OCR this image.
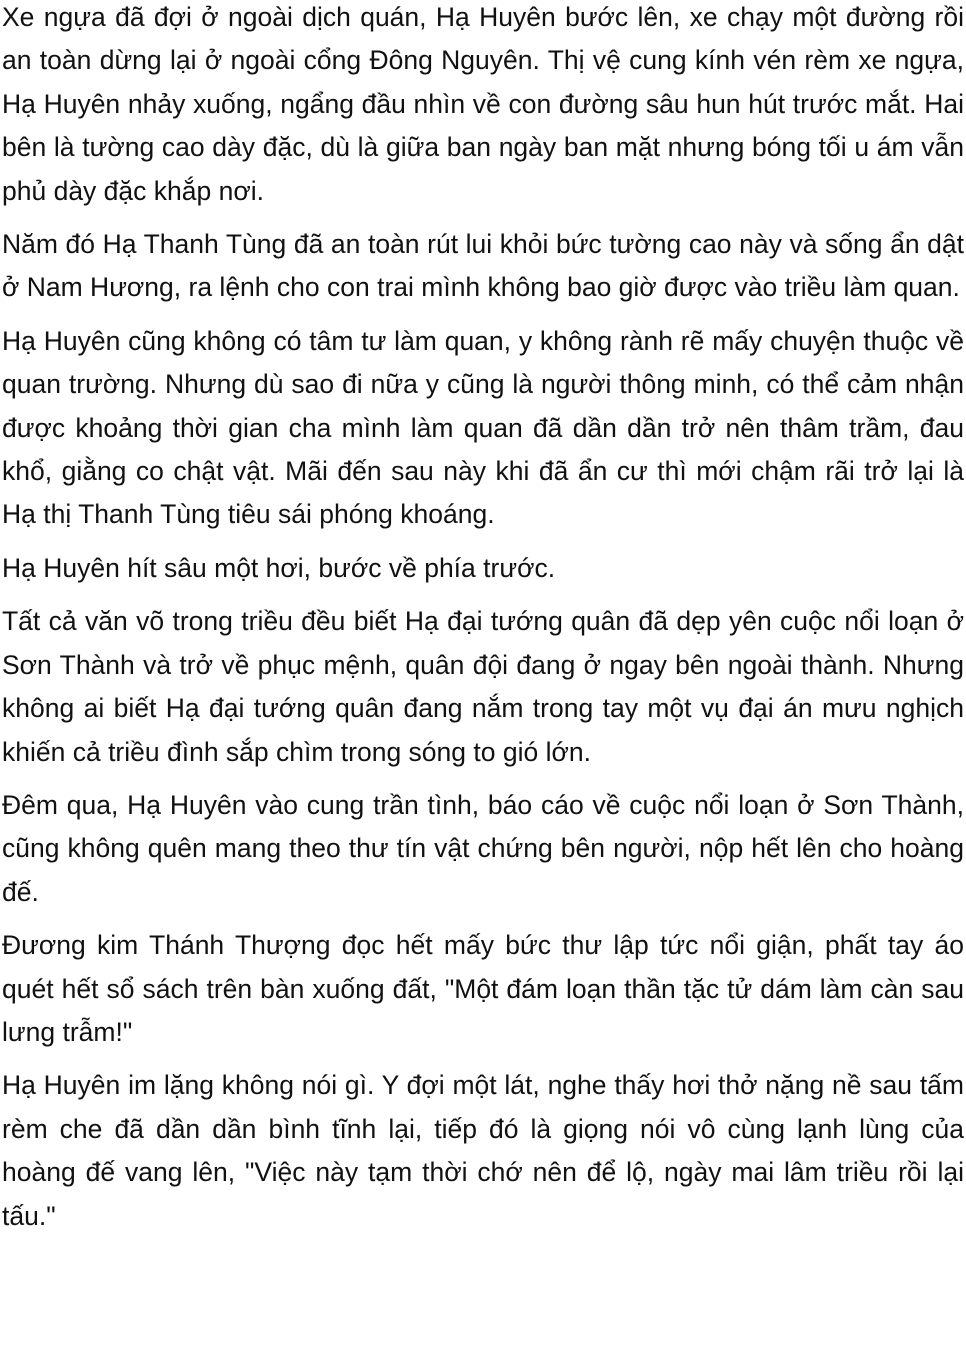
Xe ngựa đã đợi ở ngoài dịch quán, Hạ Huyên bước lên, xe chạy một đường rồi an toàn dừng lại ở ngoài cổng Đông Nguyên. Thị vệ cung kính vén rèm xe ngựa, Hạ Huyên nhảy xuống, ngẩng đầu nhìn về con đường sâu hun hút trước mắt. Hai bên là tường cao dày đặc, dù là giữa ban ngày ban mặt nhưng bóng tối u ám vẫn phủ dày đặc khắp nơi.

Năm đó Hạ Thanh Tùng đã an toàn rút lui khỏi bức tường cao này và sống ẩn dật ở Nam Hương, ra lệnh cho con trai mình không bao giờ được vào triều làm quan.

Hạ Huyên cũng không có tâm tư làm quan, y không rành rẽ mấy chuyện thuộc về quan trường. Nhưng dù sao đi nữa y cũng là người thông minh, có thể cảm nhận được khoảng thời gian cha mình làm quan đã dần dần trở nên thâm trầm, đau khổ, giằng co chật vật. Mãi đến sau này khi đã ẩn cư thì mới chậm rãi trở lại là Hạ thị Thanh Tùng tiêu sái phóng khoáng.

Hạ Huyên hít sâu một hơi, bước về phía trước.

Tất cả văn võ trong triều đều biết Hạ đại tướng quân đã dẹp yên cuộc nổi loạn ở Sơn Thành và trở về phục mệnh, quân đội đang ở ngay bên ngoài thành. Nhưng không ai biết Hạ đại tướng quân đang nắm trong tay một vụ đại án mưu nghịch khiến cả triều đình sắp chìm trong sóng to gió lớn.

Đêm qua, Hạ Huyên vào cung trần tình, báo cáo về cuộc nổi loạn ở Sơn Thành, cũng không quên mang theo thư tín vật chứng bên người, nộp hết lên cho hoàng đế.

Đương kim Thánh Thượng đọc hết mấy bức thư lập tức nổi giận, phất tay áo quét hết sổ sách trên bàn xuống đất, "Một đám loạn thần tặc tử dám làm càn sau lưng trẫm!"

Hạ Huyên im lặng không nói gì. Y đợi một lát, nghe thấy hơi thở nặng nề sau tấm rèm che đã dần dần bình tĩnh lại, tiếp đó là giọng nói vô cùng lạnh lùng của hoàng đế vang lên, "Việc này tạm thời chớ nên để lộ, ngày mai lâm triều rồi lại tấu."
